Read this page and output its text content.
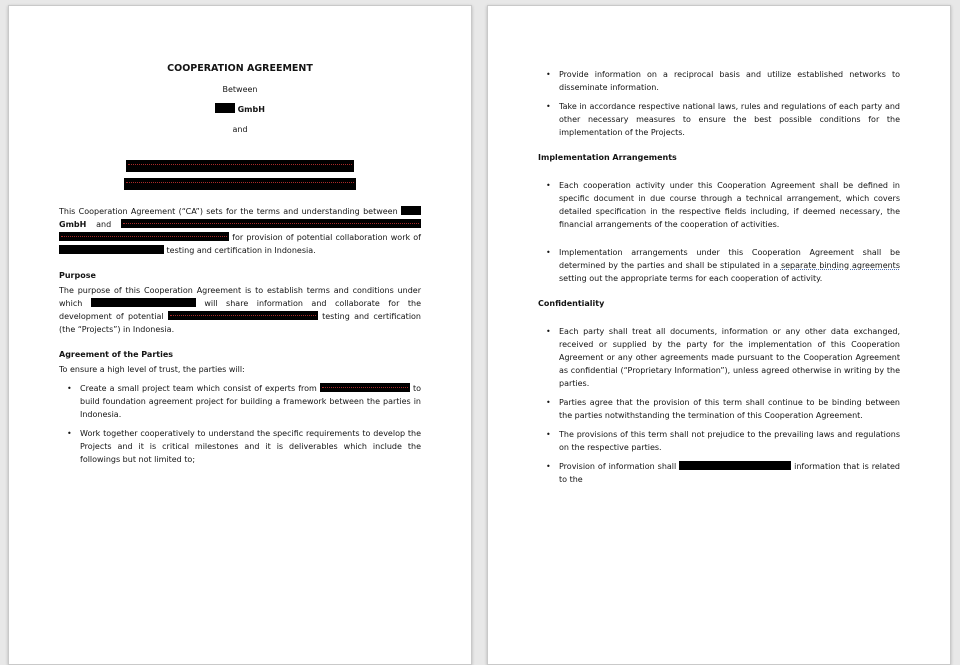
COOPERATION AGREEMENT
Between
GmbH
and
This Cooperation Agreement (“CA”) sets for the terms and understanding between  GmbH and   for provision of potential collaboration work of  testing and certification in Indonesia.
Purpose
The purpose of this Cooperation Agreement is to establish terms and conditions under which	will share information and collaborate for the development of potential	testing and certification (the “Projects”) in Indonesia.
Agreement of the Parties
To ensure a high level of trust, the parties will:
•	Create a small project team which consist of experts from	to build foundation agreement project for building a framework between the parties in Indonesia.
•	Work together cooperatively to understand the specific requirements to develop the Projects and it is critical milestones and it is deliverables which include the followings but not limited to;
•	Provide information on a reciprocal basis and utilize established networks to disseminate information.
•	Take in accordance respective national laws, rules and regulations of each party and other necessary measures to ensure the best possible conditions for the implementation of the Projects.
Implementation Arrangements
•	Each cooperation activity under this Cooperation Agreement shall be defined in specific document in due course through a technical arrangement, which covers detailed specification in the respective fields including, if deemed necessary, the financial arrangements of the cooperation of activities.
•	Implementation arrangements under this Cooperation Agreement shall be determined by the parties and shall be stipulated in a separate binding agreements setting out the appropriate terms for each cooperation of activity.
Confidentiality
•	Each party shall treat all documents, information or any other data exchanged, received or supplied by the party for the implementation of this Cooperation Agreement or any other agreements made pursuant to the Cooperation Agreement as confidential (“Proprietary Information”), unless agreed otherwise in writing by the parties.
•	Parties agree that the provision of this term shall continue to be binding between the parties notwithstanding the termination of this Cooperation Agreement.
•	The provisions of this term shall not prejudice to the prevailing laws and regulations on the respective parties.
•	Provision of information shall	information that is related to the
